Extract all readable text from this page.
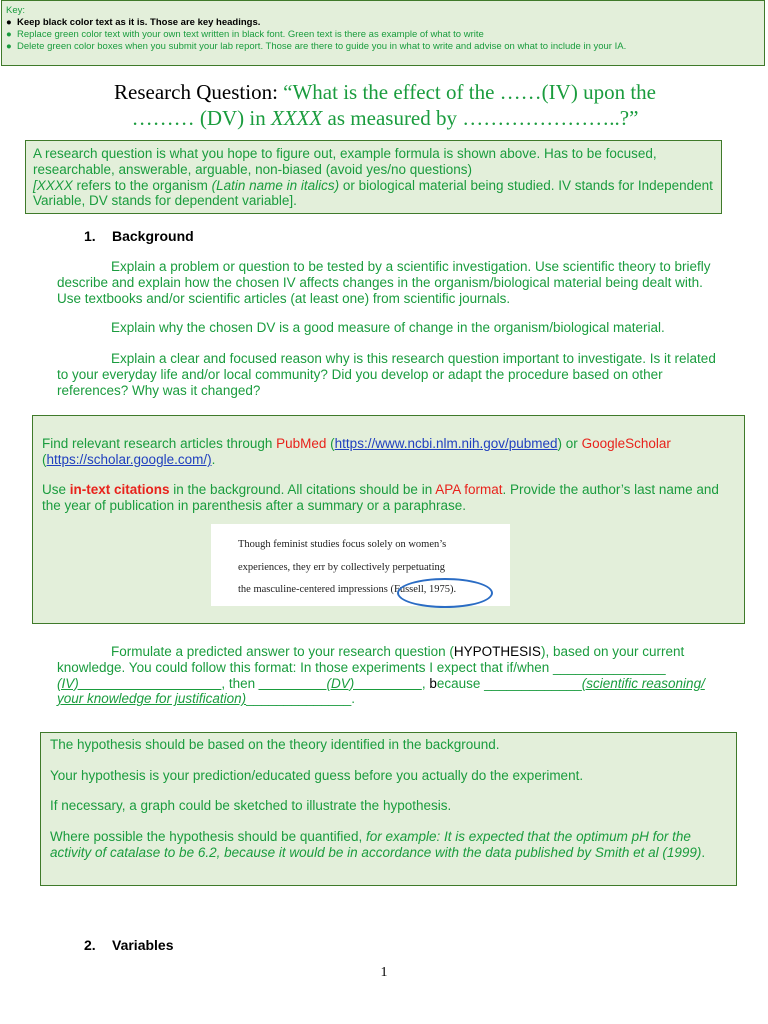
Key:
● Keep black color text as it is. Those are key headings.
● Replace green color text with your own text written in black font. Green text is there as example of what to write
● Delete green color boxes when you submit your lab report. Those are there to guide you in what to write and advise on what to include in your IA.
Research Question: “What is the effect of the ……(IV) upon the
……… (DV) in XXXX as measured by …………………..?”
A research question is what you hope to figure out, example formula is shown above. Has to be focused, researchable, answerable, arguable, non-biased (avoid yes/no questions)
[XXXX refers to the organism (Latin name in italics) or biological material being studied. IV stands for Independent Variable, DV stands for dependent variable].
1. Background
Explain a problem or question to be tested by a scientific investigation. Use scientific theory to briefly describe and explain how the chosen IV affects changes in the organism/biological material being dealt with. Use textbooks and/or scientific articles (at least one) from scientific journals.
Explain why the chosen DV is a good measure of change in the organism/biological material.
Explain a clear and focused reason why is this research question important to investigate. Is it related to your everyday life and/or local community? Did you develop or adapt the procedure based on other references? Why was it changed?

Find relevant research articles through PubMed (https://www.ncbi.nlm.nih.gov/pubmed) or GoogleScholar (https://scholar.google.com/).

Use in-text citations in the background. All citations should be in APA format. Provide the author’s last name and the year of publication in parenthesis after a summary or a paraphrase.

Though feminist studies focus solely on women’s
experiences, they err by collectively perpetuating
the masculine-centered impressions (Fussell, 1975).
Formulate a predicted answer to your research question (HYPOTHESIS), based on your current knowledge. You could follow this format: In those experiments I expect that if/when _______________ (IV)___________________, then _________(DV)_________, because _____________(scientific reasoning/ your knowledge for justification)______________.

The hypothesis should be based on the theory identified in the background.

Your hypothesis is your prediction/educated guess before you actually do the experiment.

If necessary, a graph could be sketched to illustrate the hypothesis.

Where possible the hypothesis should be quantified, for example: It is expected that the optimum pH for the activity of catalase to be 6.2, because it would be in accordance with the data published by Smith et al (1999).

2. Variables
1
